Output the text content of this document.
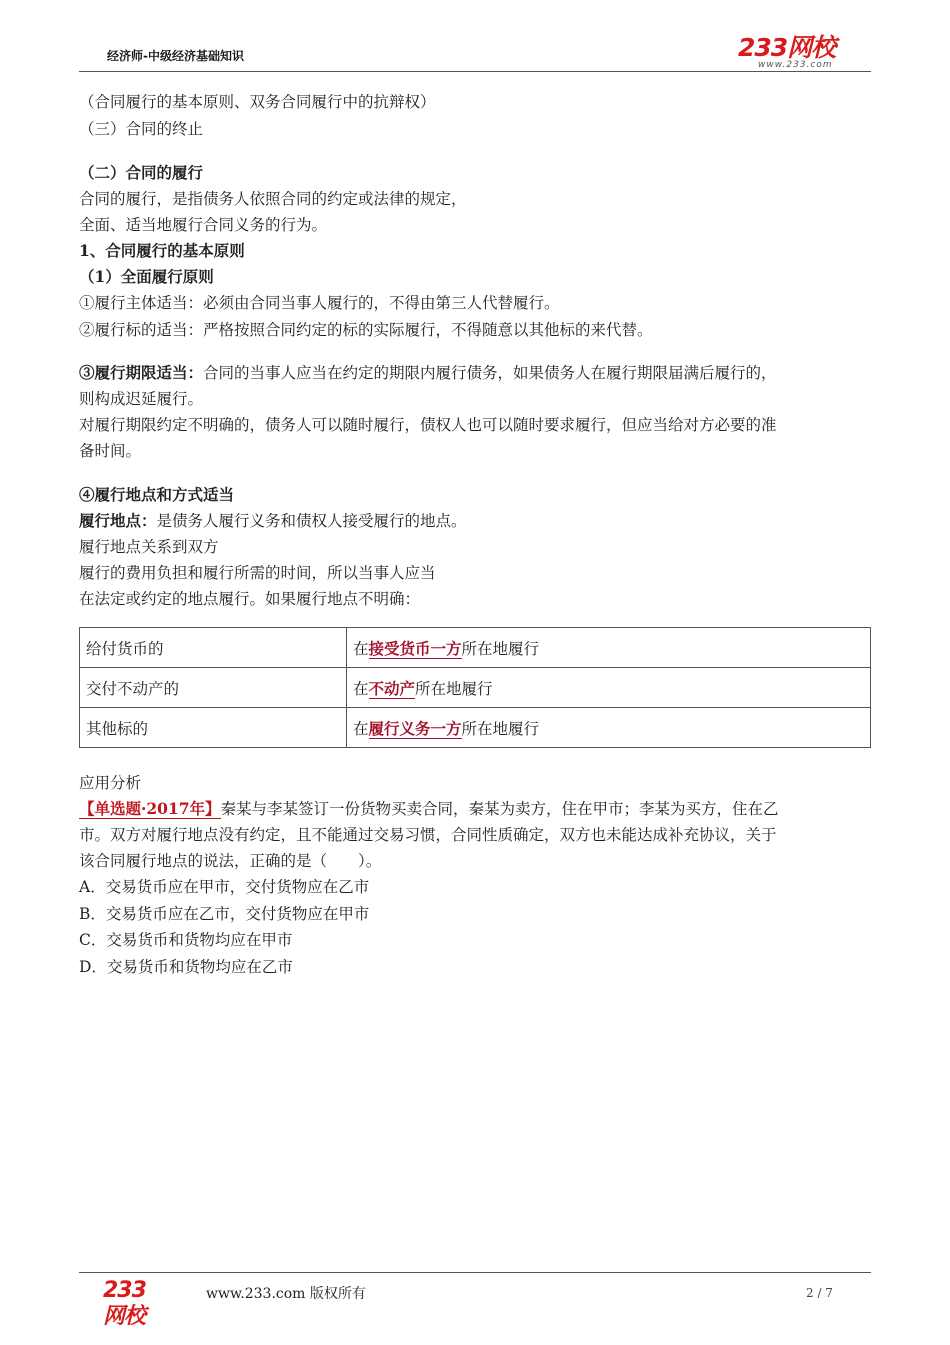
经济师-中级经济基础知识	233网校
www.233.com
（合同履行的基本原则、双务合同履行中的抗辩权）
（三）合同的终止
（二）合同的履行
合同的履行，是指债务人依照合同的约定或法律的规定，
全面、适当地履行合同义务的行为。
1、合同履行的基本原则
（1）全面履行原则
①履行主体适当：必须由合同当事人履行的，不得由第三人代替履行。
②履行标的适当：严格按照合同约定的标的实际履行，不得随意以其他标的来代替。
③履行期限适当：合同的当事人应当在约定的期限内履行债务，如果债务人在履行期限届满后履行的，
则构成迟延履行。
对履行期限约定不明确的，债务人可以随时履行，债权人也可以随时要求履行，但应当给对方必要的准
备时间。
④履行地点和方式适当
履行地点：是债务人履行义务和债权人接受履行的地点。
履行地点关系到双方
履行的费用负担和履行所需的时间，所以当事人应当
在法定或约定的地点履行。如果履行地点不明确：
给付货币的	在接受货币一方所在地履行
交付不动产的	在不动产所在地履行
其他标的	在履行义务一方所在地履行
应用分析
【单选题·2017年】秦某与李某签订一份货物买卖合同，秦某为卖方，住在甲市；李某为买方，住在乙
市。双方对履行地点没有约定，且不能通过交易习惯，合同性质确定，双方也未能达成补充协议，关于
该合同履行地点的说法，正确的是（　　）。
A．交易货币应在甲市，交付货物应在乙市
B．交易货币应在乙市，交付货物应在甲市
C．交易货币和货物均应在甲市
D．交易货币和货物均应在乙市
233网校
www.233.com 版权所有	2 / 7
